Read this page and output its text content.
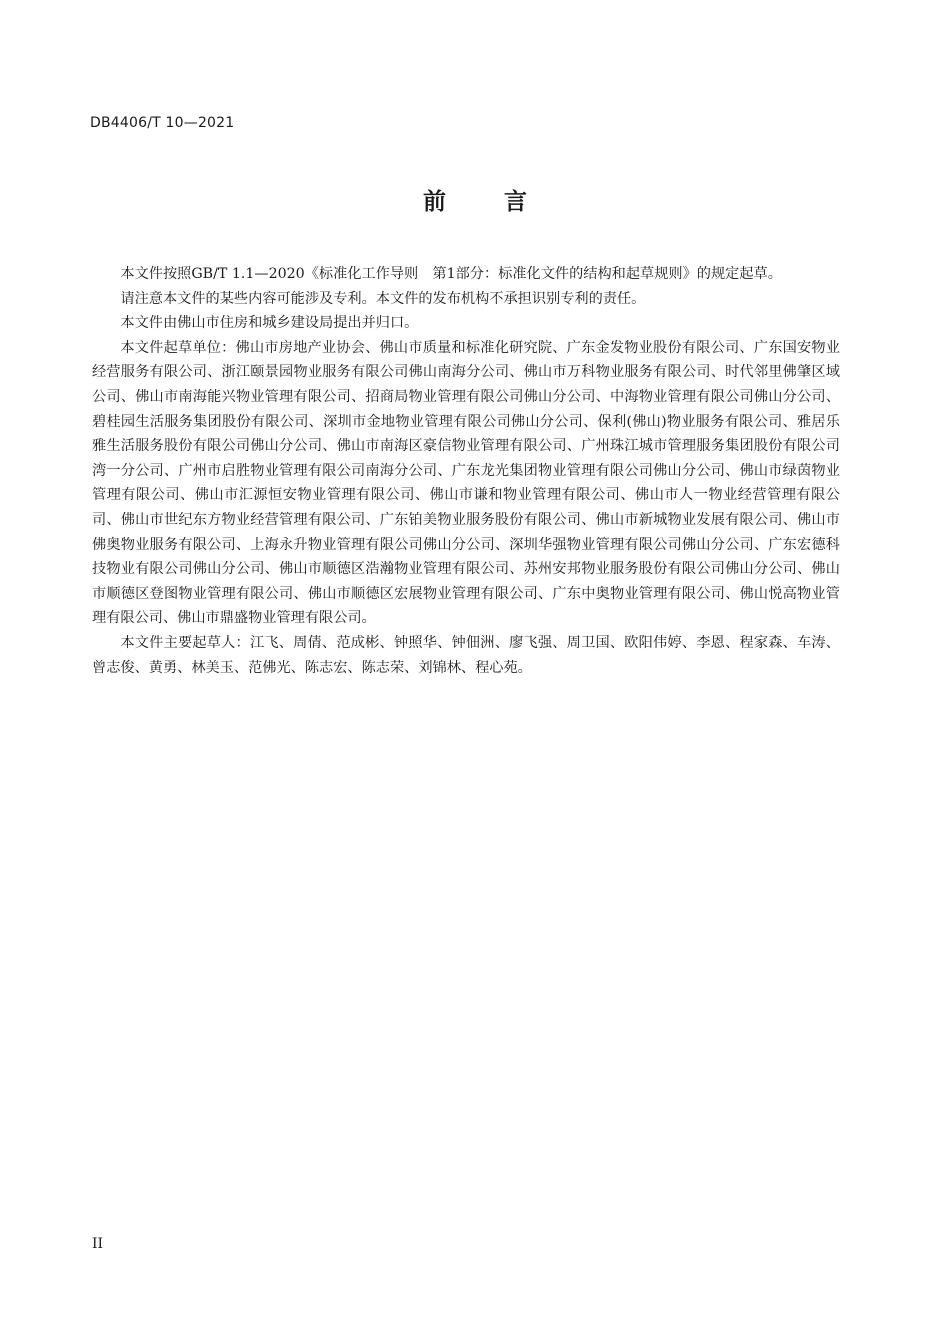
DB4406/T 10—2021
前	言

本文件按照GB/T 1.1—2020《标准化工作导则　第1部分：标准化文件的结构和起草规则》的规定起草。

请注意本文件的某些内容可能涉及专利。本文件的发布机构不承担识别专利的责任。

本文件由佛山市住房和城乡建设局提出并归口。

本文件起草单位：佛山市房地产业协会、佛山市质量和标准化研究院、广东金发物业股份有限公司、广东国安物业经营服务有限公司、浙江颐景园物业服务有限公司佛山南海分公司、佛山市万科物业服务有限公司、时代邻里佛肇区域公司、佛山市南海能兴物业管理有限公司、招商局物业管理有限公司佛山分公司、中海物业管理有限公司佛山分公司、碧桂园生活服务集团股份有限公司、深圳市金地物业管理有限公司佛山分公司、保利(佛山)物业服务有限公司、雅居乐雅生活服务股份有限公司佛山分公司、佛山市南海区豪信物业管理有限公司、广州珠江城市管理服务集团股份有限公司湾一分公司、广州市启胜物业管理有限公司南海分公司、广东龙光集团物业管理有限公司佛山分公司、佛山市绿茵物业管理有限公司、佛山市汇源恒安物业管理有限公司、佛山市谦和物业管理有限公司、佛山市人一物业经营管理有限公司、佛山市世纪东方物业经营管理有限公司、广东铂美物业服务股份有限公司、佛山市新城物业发展有限公司、佛山市佛奥物业服务有限公司、上海永升物业管理有限公司佛山分公司、深圳华强物业管理有限公司佛山分公司、广东宏德科技物业有限公司佛山分公司、佛山市顺德区浩瀚物业管理有限公司、苏州安邦物业服务股份有限公司佛山分公司、佛山市顺德区登图物业管理有限公司、佛山市顺德区宏展物业管理有限公司、广东中奥物业管理有限公司、佛山悦高物业管理有限公司、佛山市鼎盛物业管理有限公司。

本文件主要起草人：江飞、周倩、范成彬、钟照华、钟佃洲、廖飞强、周卫国、欧阳伟婷、李恩、程家森、车涛、曾志俊、黄勇、林美玉、范佛光、陈志宏、陈志荣、刘锦林、程心苑。

II
